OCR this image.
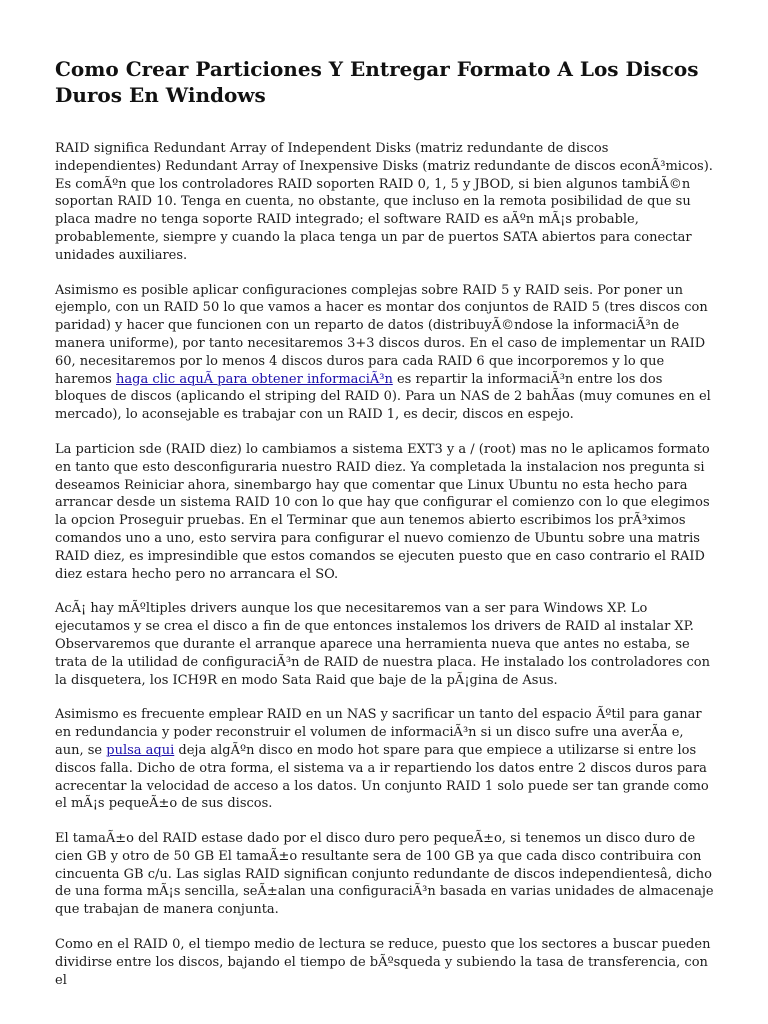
Como Crear Particiones Y Entregar Formato A Los Discos Duros En Windows

RAID significa Redundant Array of Independent Disks (matriz redundante de discos independientes) Redundant Array of Inexpensive Disks (matriz redundante de discos econÃ³micos). Es comÃºn que los controladores RAID soporten RAID 0, 1, 5 y JBOD, si bien algunos tambiÃ©n soportan RAID 10. Tenga en cuenta, no obstante, que incluso en la remota posibilidad de que su placa madre no tenga soporte RAID integrado; el software RAID es aÃºn mÃ¡s probable, probablemente, siempre y cuando la placa tenga un par de puertos SATA abiertos para conectar unidades auxiliares.

Asimismo es posible aplicar configuraciones complejas sobre RAID 5 y RAID seis. Por poner un ejemplo, con un RAID 50 lo que vamos a hacer es montar dos conjuntos de RAID 5 (tres discos con paridad) y hacer que funcionen con un reparto de datos (distribuyÃ©ndose la informaciÃ³n de manera uniforme), por tanto necesitaremos 3+3 discos duros. En el caso de implementar un RAID 60, necesitaremos por lo menos 4 discos duros para cada RAID 6 que incorporemos y lo que haremos haga clic aquÃ para obtener informaciÃ³n es repartir la informaciÃ³n entre los dos bloques de discos (aplicando el striping del RAID 0). Para un NAS de 2 bahÃas (muy comunes en el mercado), lo aconsejable es trabajar con un RAID 1, es decir, discos en espejo.

La particion sde (RAID diez) lo cambiamos a sistema EXT3 y a / (root) mas no le aplicamos formato en tanto que esto desconfiguraria nuestro RAID diez. Ya completada la instalacion nos pregunta si deseamos Reiniciar ahora, sinembargo hay que comentar que Linux Ubuntu no esta hecho para arrancar desde un sistema RAID 10 con lo que hay que configurar el comienzo con lo que elegimos la opcion Proseguir pruebas. En el Terminar que aun tenemos abierto escribimos los prÃ³ximos comandos uno a uno, esto servira para configurar el nuevo comienzo de Ubuntu sobre una matris RAID diez, es impresindible que estos comandos se ejecuten puesto que en caso contrario el RAID diez estara hecho pero no arrancara el SO.

AcÃ¡ hay mÃºltiples drivers aunque los que necesitaremos van a ser para Windows XP. Lo ejecutamos y se crea el disco a fin de que entonces instalemos los drivers de RAID al instalar XP. Observaremos que durante el arranque aparece una herramienta nueva que antes no estaba, se trata de la utilidad de configuraciÃ³n de RAID de nuestra placa. He instalado los controladores con la disquetera, los ICH9R en modo Sata Raid que baje de la pÃ¡gina de Asus.

Asimismo es frecuente emplear RAID en un NAS y sacrificar un tanto del espacio Ãºtil para ganar en redundancia y poder reconstruir el volumen de informaciÃ³n si un disco sufre una averÃa e, aun, se pulsa aqui deja algÃºn disco en modo hot spare para que empiece a utilizarse si entre los discos falla. Dicho de otra forma, el sistema va a ir repartiendo los datos entre 2 discos duros para acrecentar la velocidad de acceso a los datos. Un conjunto RAID 1 solo puede ser tan grande como el mÃ¡s pequeÃ±o de sus discos.

El tamaÃ±o del RAID estase dado por el disco duro pero pequeÃ±o, si tenemos un disco duro de cien GB y otro de 50 GB El tamaÃ±o resultante sera de 100 GB ya que cada disco contribuira con cincuenta GB c/u. Las siglas RAID significan conjunto redundante de discos independientesâ, dicho de una forma mÃ¡s sencilla, seÃ±alan una configuraciÃ³n basada en varias unidades de almacenaje que trabajan de manera conjunta.

Como en el RAID 0, el tiempo medio de lectura se reduce, puesto que los sectores a buscar pueden dividirse entre los discos, bajando el tiempo de bÃºsqueda y subiendo la tasa de transferencia, con el
